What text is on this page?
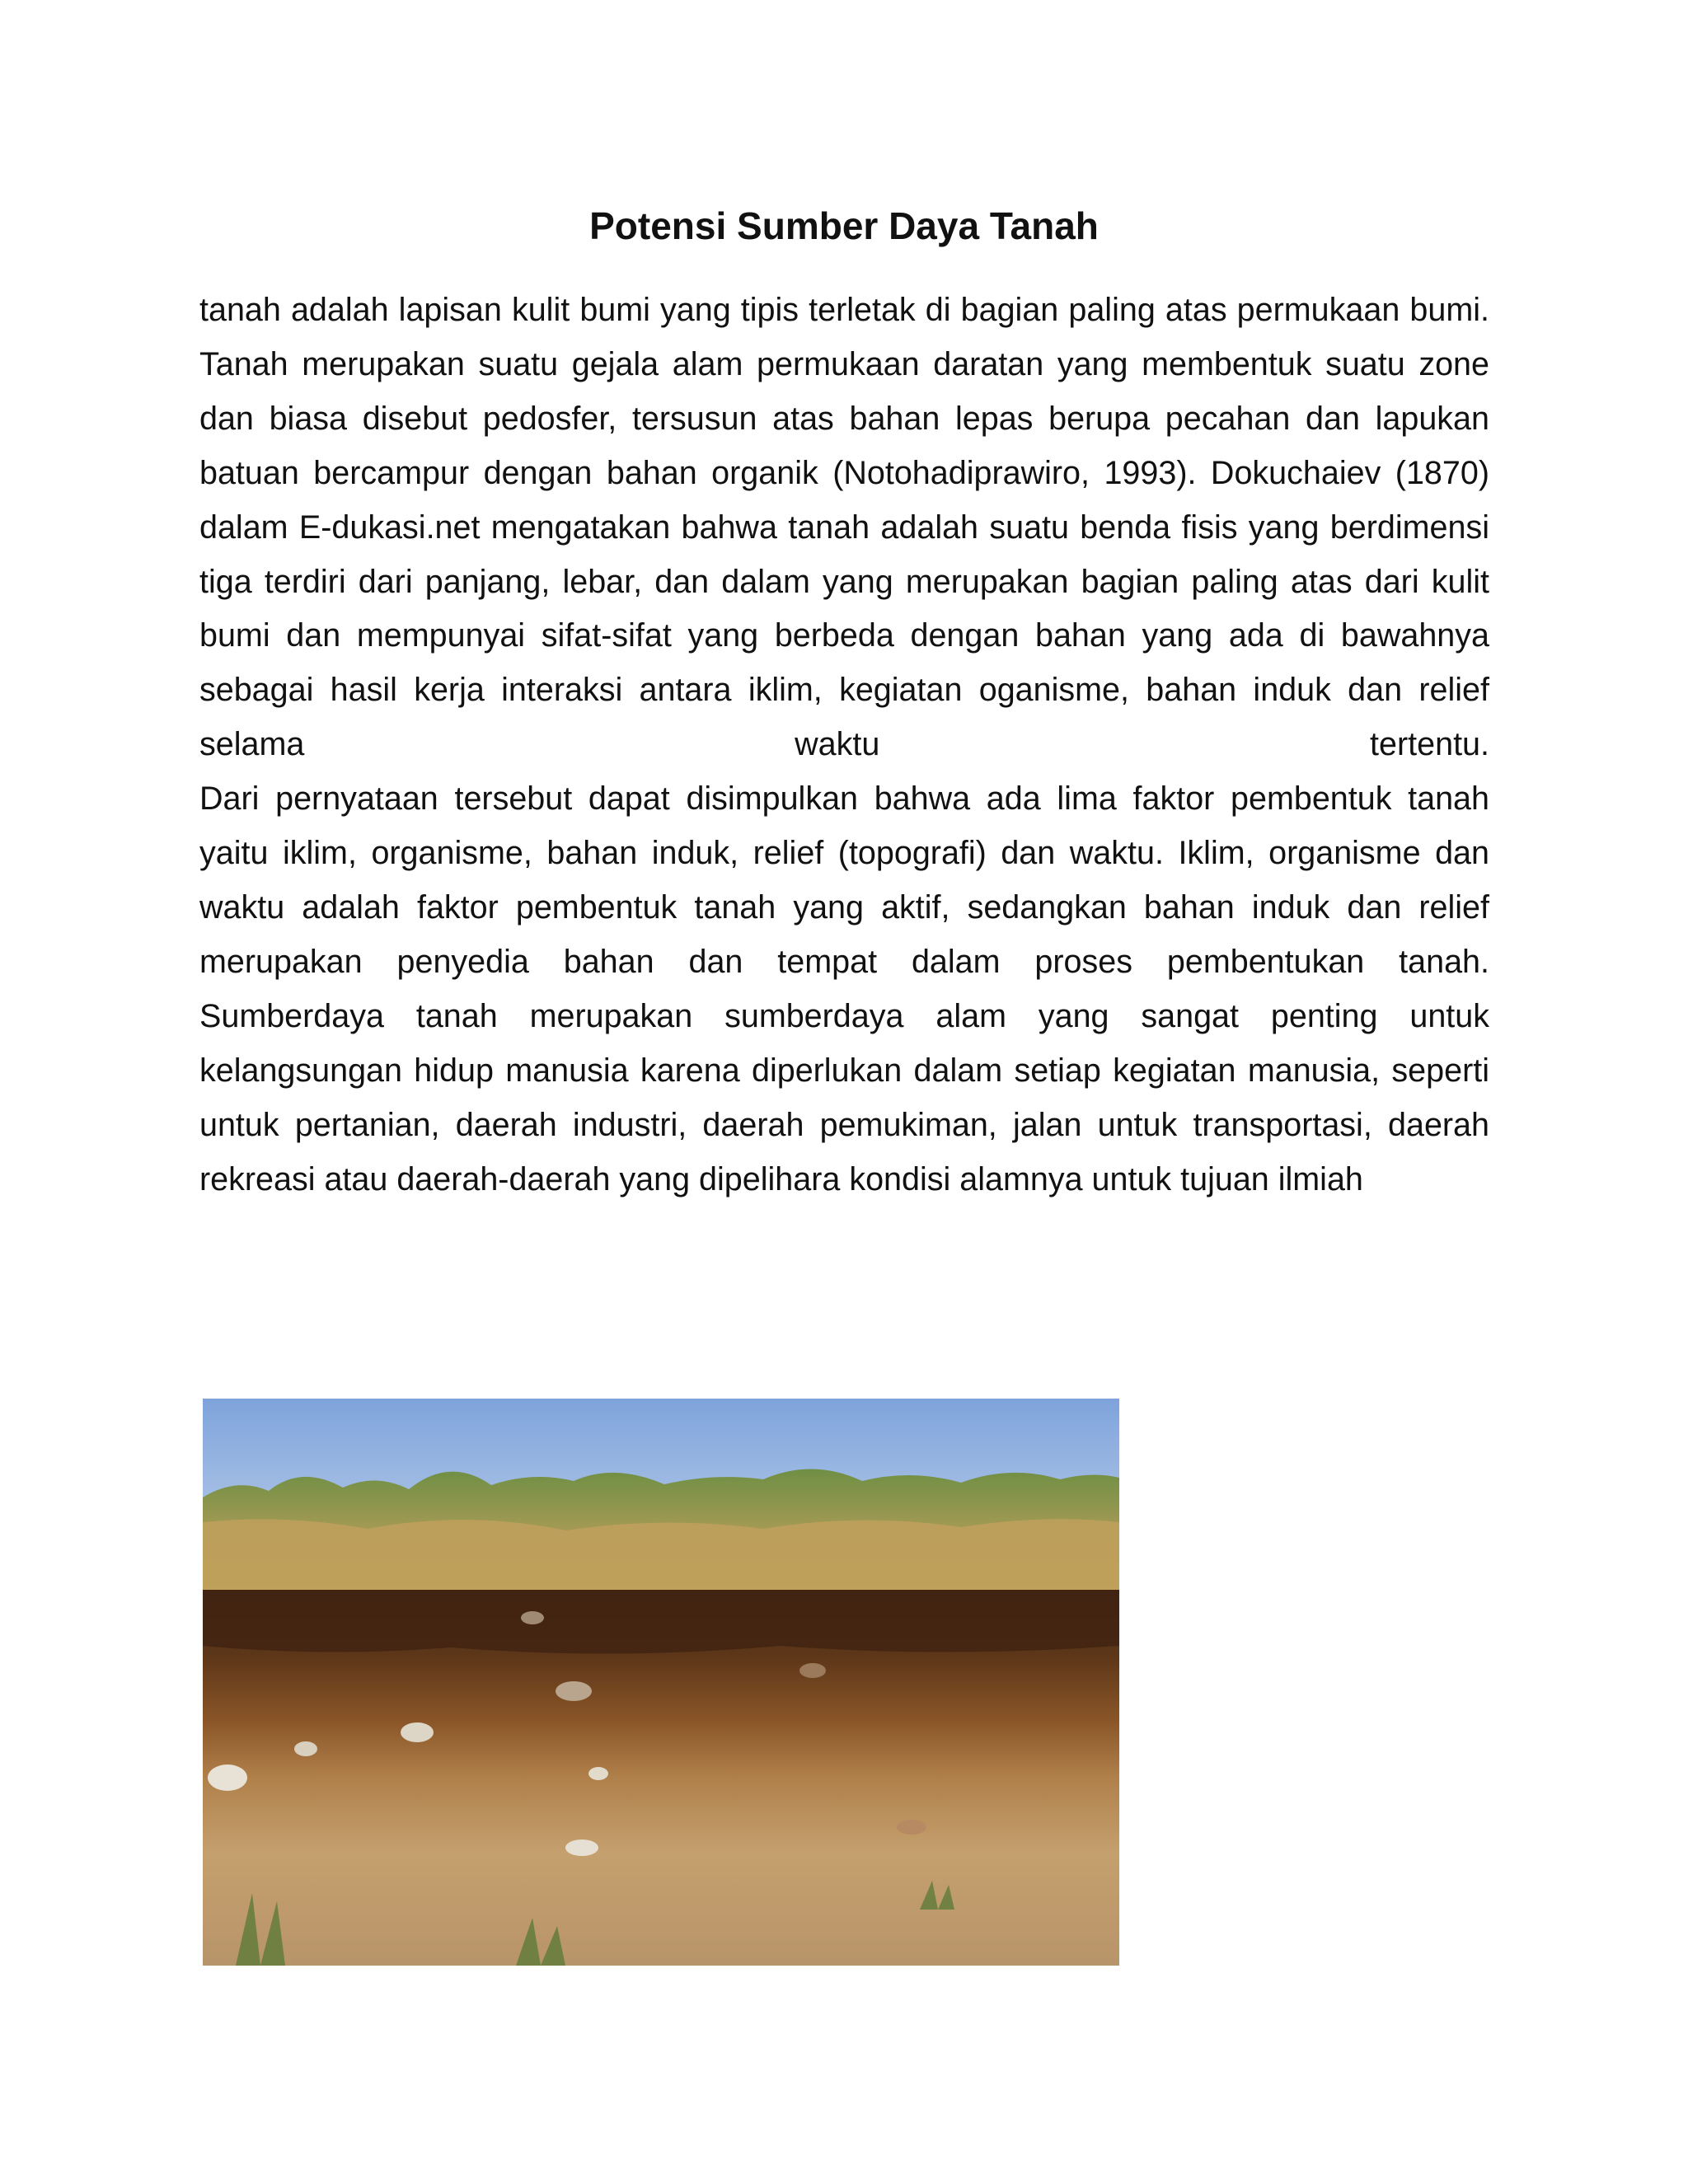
Potensi Sumber Daya Tanah

tanah adalah lapisan kulit bumi yang tipis terletak di bagian paling atas permukaan bumi. Tanah merupakan suatu gejala alam permukaan daratan yang membentuk suatu zone dan biasa disebut pedosfer, tersusun atas bahan lepas berupa pecahan dan lapukan batuan bercampur dengan bahan organik (Notohadiprawiro, 1993). Dokuchaiev (1870) dalam E-dukasi.net mengatakan bahwa tanah adalah suatu benda fisis yang berdimensi tiga terdiri dari panjang, lebar, dan dalam yang merupakan bagian paling atas dari kulit bumi dan mempunyai sifat-sifat yang berbeda dengan bahan yang ada di bawahnya sebagai hasil kerja interaksi antara iklim, kegiatan oganisme, bahan induk dan relief selama waktu tertentu.

Dari pernyataan tersebut dapat disimpulkan bahwa ada lima faktor pembentuk tanah yaitu iklim, organisme, bahan induk, relief (topografi) dan waktu. Iklim, organisme dan waktu adalah faktor pembentuk tanah yang aktif, sedangkan bahan induk dan relief merupakan penyedia bahan dan tempat dalam proses pembentukan tanah.

Sumberdaya tanah merupakan sumberdaya alam yang sangat penting untuk kelangsungan hidup manusia karena diperlukan dalam setiap kegiatan manusia, seperti untuk pertanian, daerah industri, daerah pemukiman, jalan untuk transportasi, daerah rekreasi atau daerah-daerah yang dipelihara kondisi alamnya untuk tujuan ilmiah
